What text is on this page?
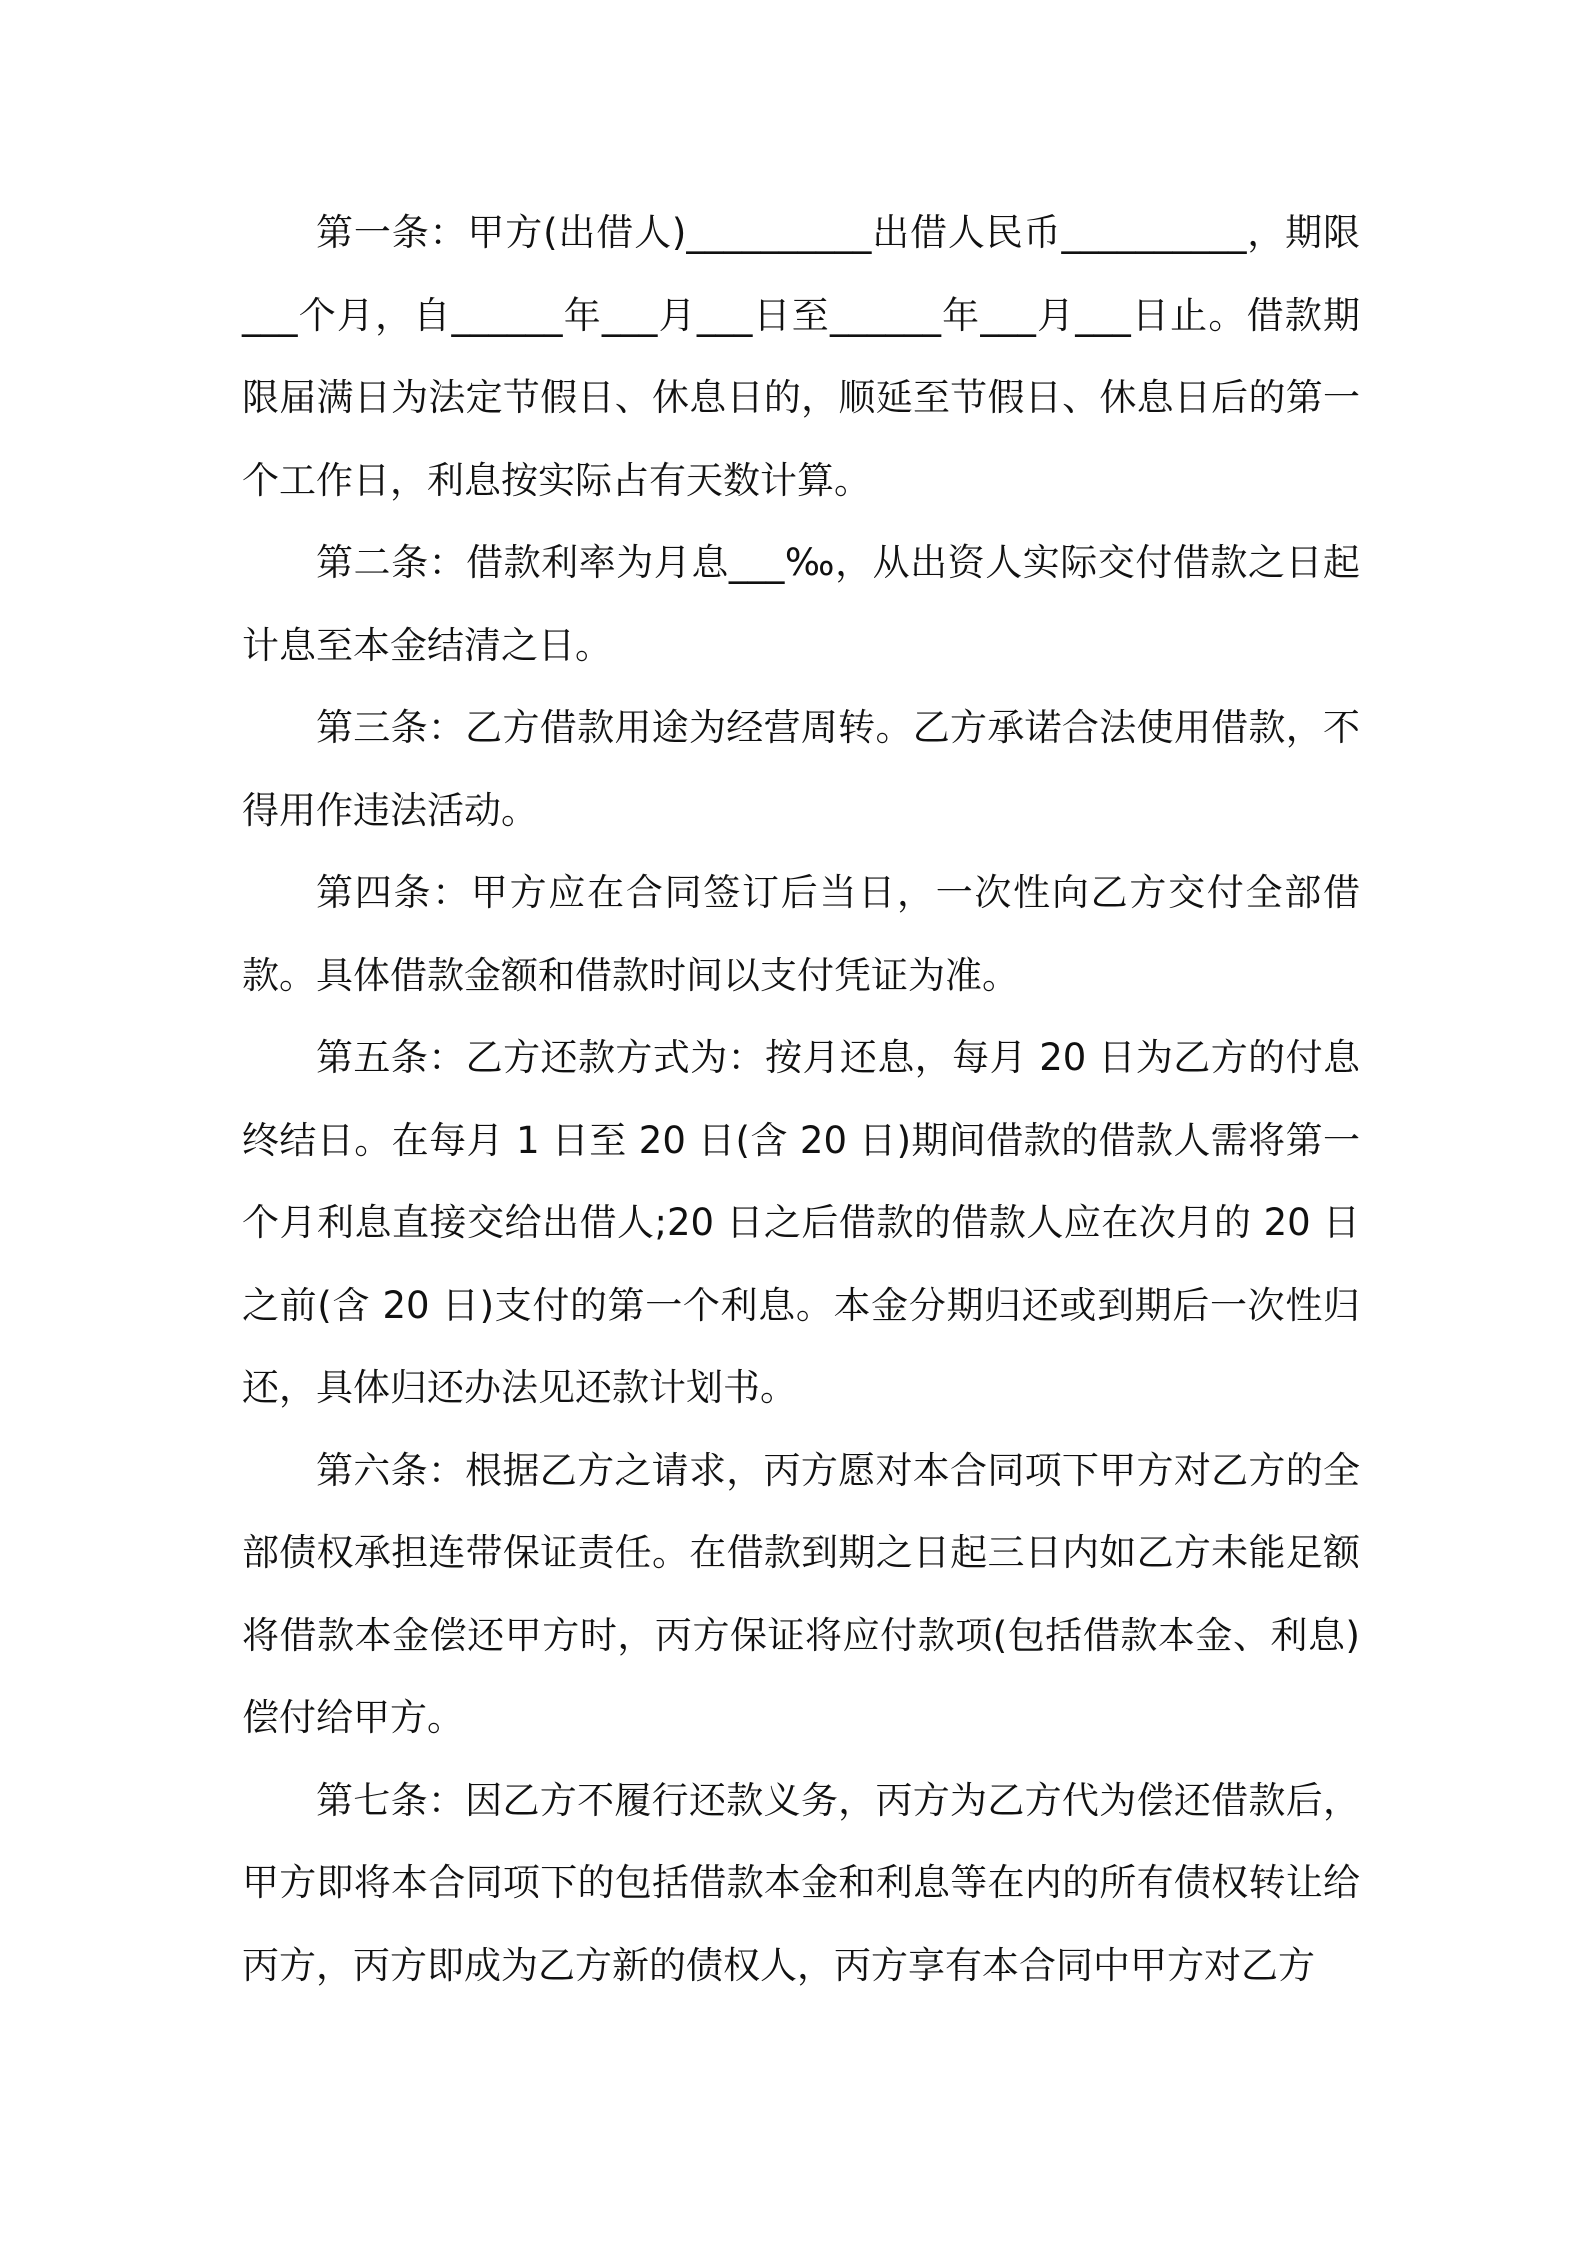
第一条：甲方(出借人)__________出借人民币__________，期限___个月，自______年___月___日至______年___月___日止。借款期限届满日为法定节假日、休息日的，顺延至节假日、休息日后的第一个工作日，利息按实际占有天数计算。

第二条：借款利率为月息___‰，从出资人实际交付借款之日起计息至本金结清之日。

第三条：乙方借款用途为经营周转。乙方承诺合法使用借款，不得用作违法活动。

第四条：甲方应在合同签订后当日，一次性向乙方交付全部借款。具体借款金额和借款时间以支付凭证为准。

第五条：乙方还款方式为：按月还息，每月 20 日为乙方的付息终结日。在每月 1 日至 20 日(含 20 日)期间借款的借款人需将第一个月利息直接交给出借人;20 日之后借款的借款人应在次月的 20 日之前(含 20 日)支付的第一个利息。本金分期归还或到期后一次性归还，具体归还办法见还款计划书。

第六条：根据乙方之请求，丙方愿对本合同项下甲方对乙方的全部债权承担连带保证责任。在借款到期之日起三日内如乙方未能足额将借款本金偿还甲方时，丙方保证将应付款项(包括借款本金、利息)偿付给甲方。

第七条：因乙方不履行还款义务，丙方为乙方代为偿还借款后，甲方即将本合同项下的包括借款本金和利息等在内的所有债权转让给丙方，丙方即成为乙方新的债权人，丙方享有本合同中甲方对乙方
